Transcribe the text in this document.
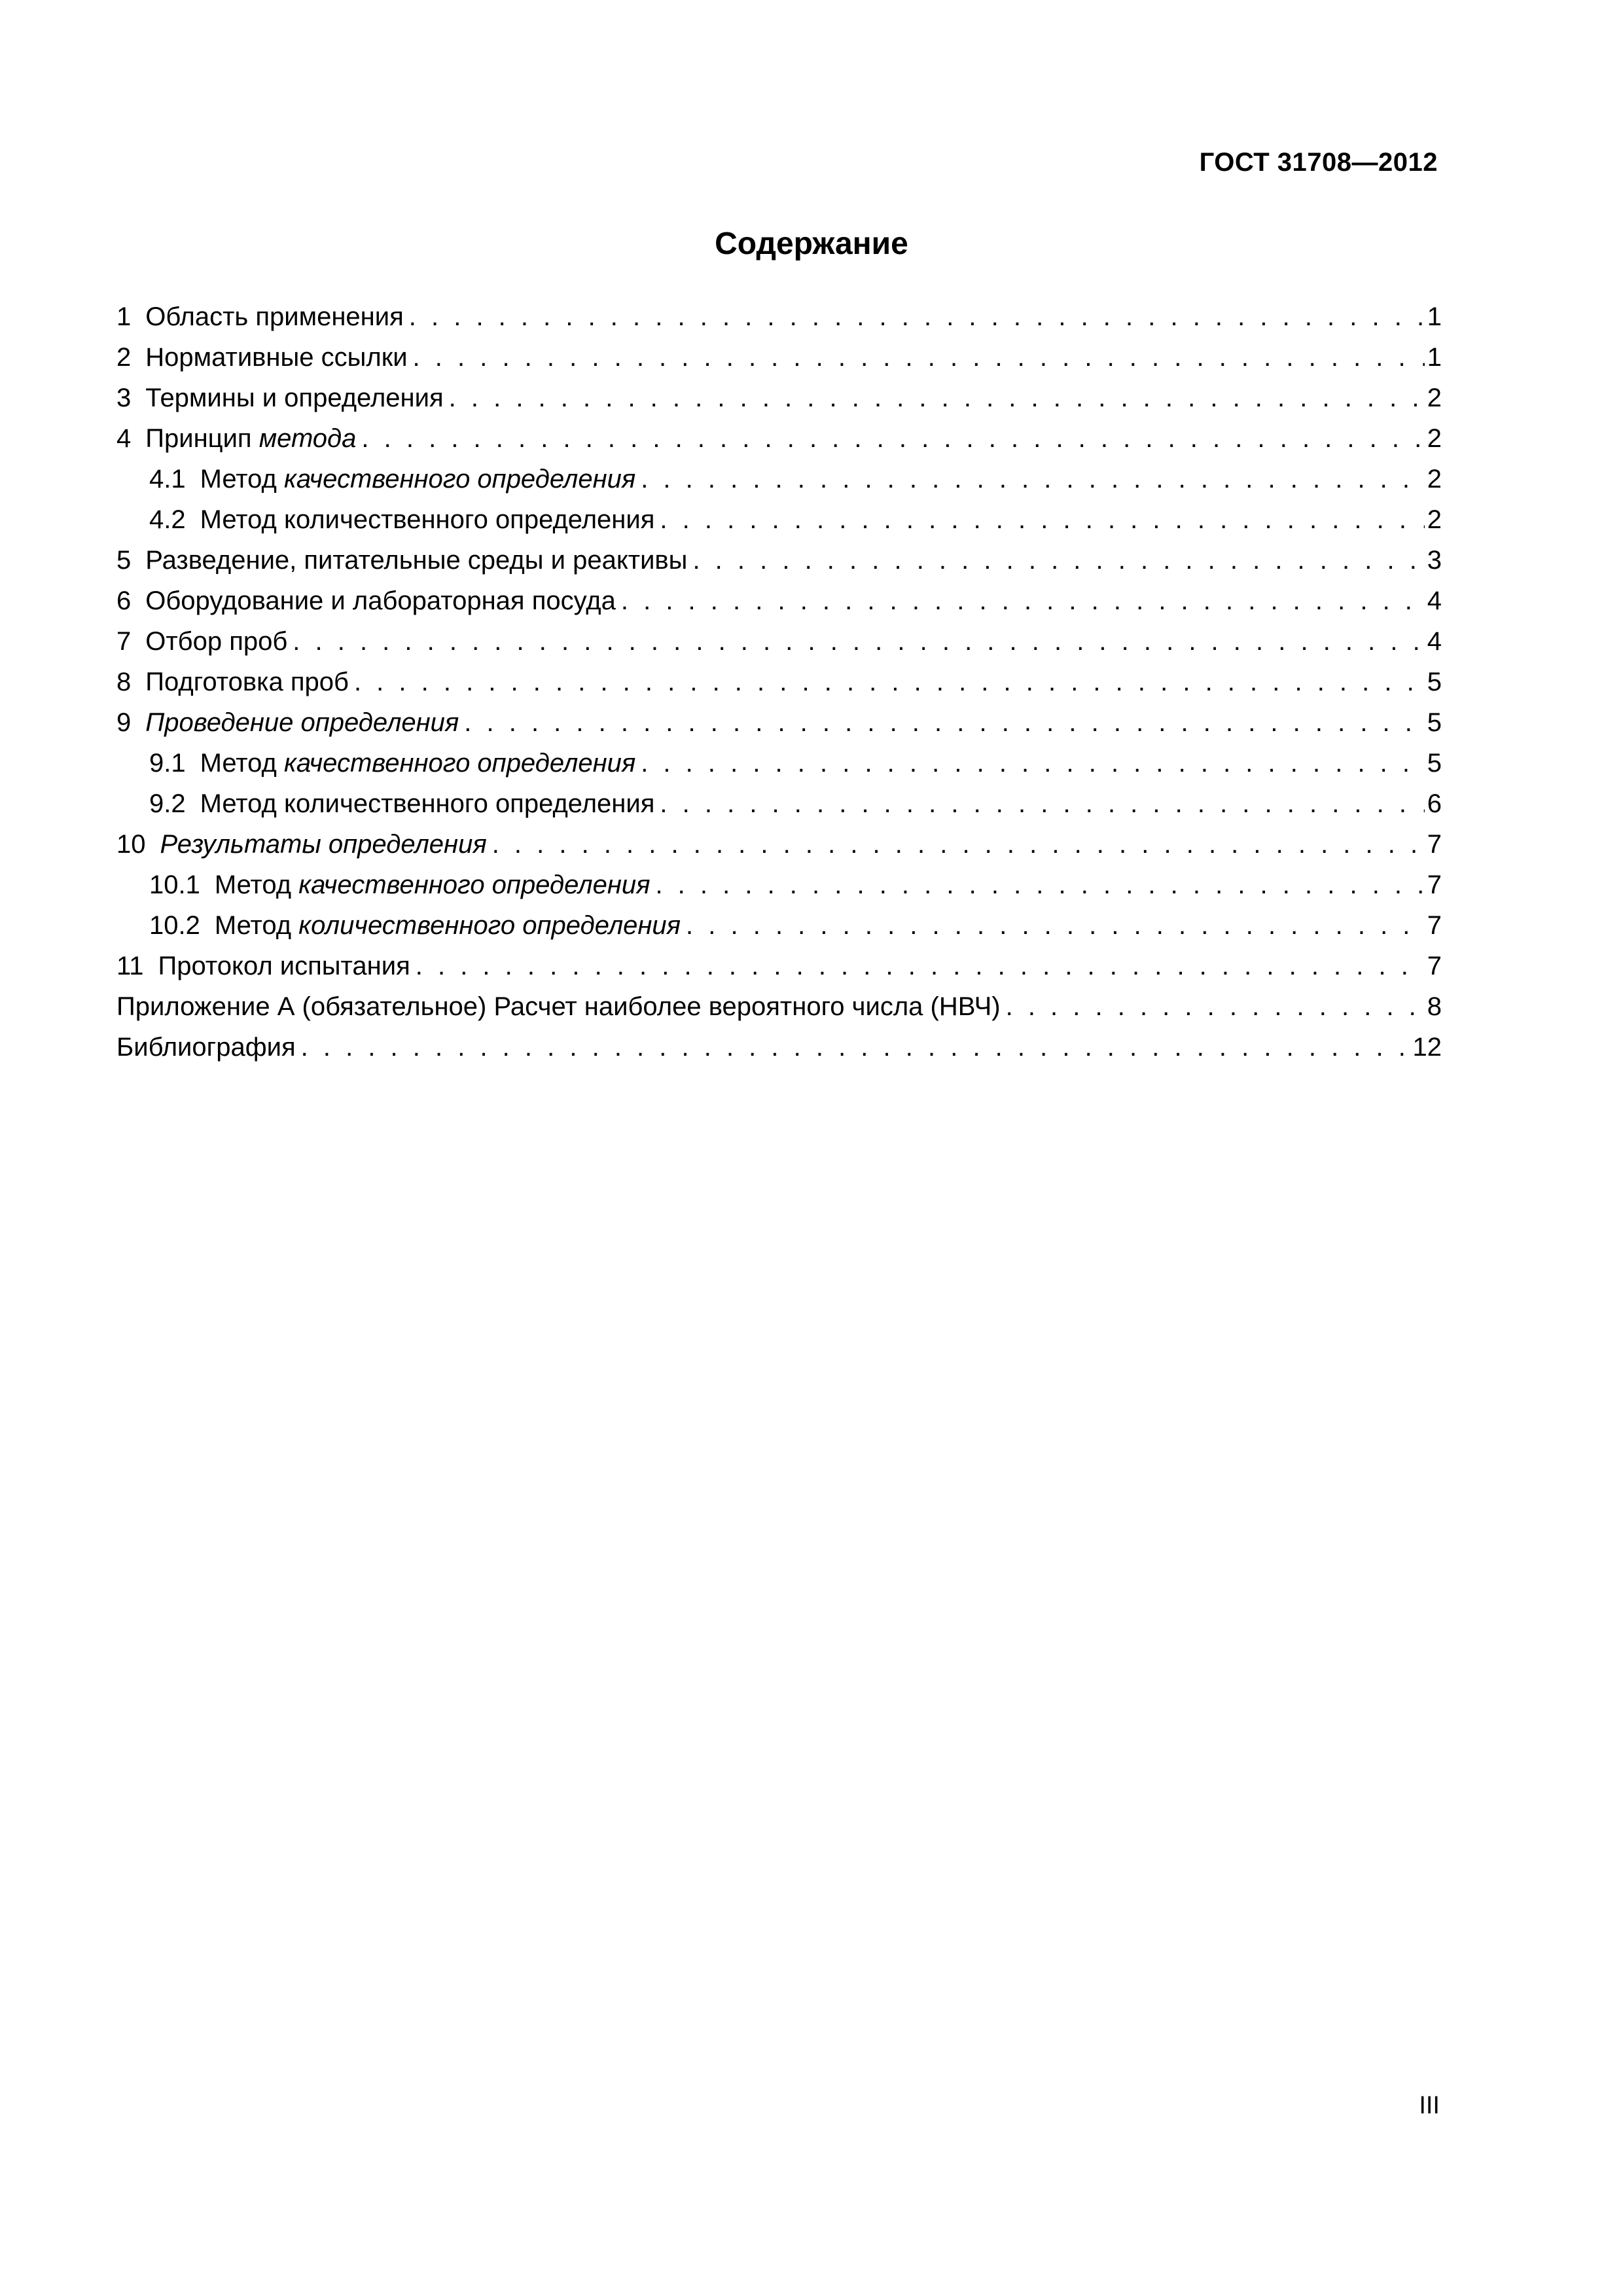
ГОСТ 31708—2012
Содержание
1 Область применения . . .	1
2 Нормативные ссылки . . .	1
3 Термины и определения . . .	2
4 Принцип метода . . .	2
4.1 Метод качественного определения . . .	2
4.2 Метод количественного определения . . .	2
5 Разведение, питательные среды и реактивы . . .	3
6 Оборудование и лабораторная посуда . . .	4
7 Отбор проб . . .	4
8 Подготовка проб . . .	5
9 Проведение определения . . .	5
9.1 Метод качественного определения . . .	5
9.2 Метод количественного определения . . .	6
10 Результаты определения . . .	7
10.1 Метод качественного определения . . .	7
10.2 Метод количественного определения . . .	7
11 Протокол испытания . . .	7
Приложение А (обязательное) Расчет наиболее вероятного числа (НВЧ) . . .	8
Библиография . . .	12
III
